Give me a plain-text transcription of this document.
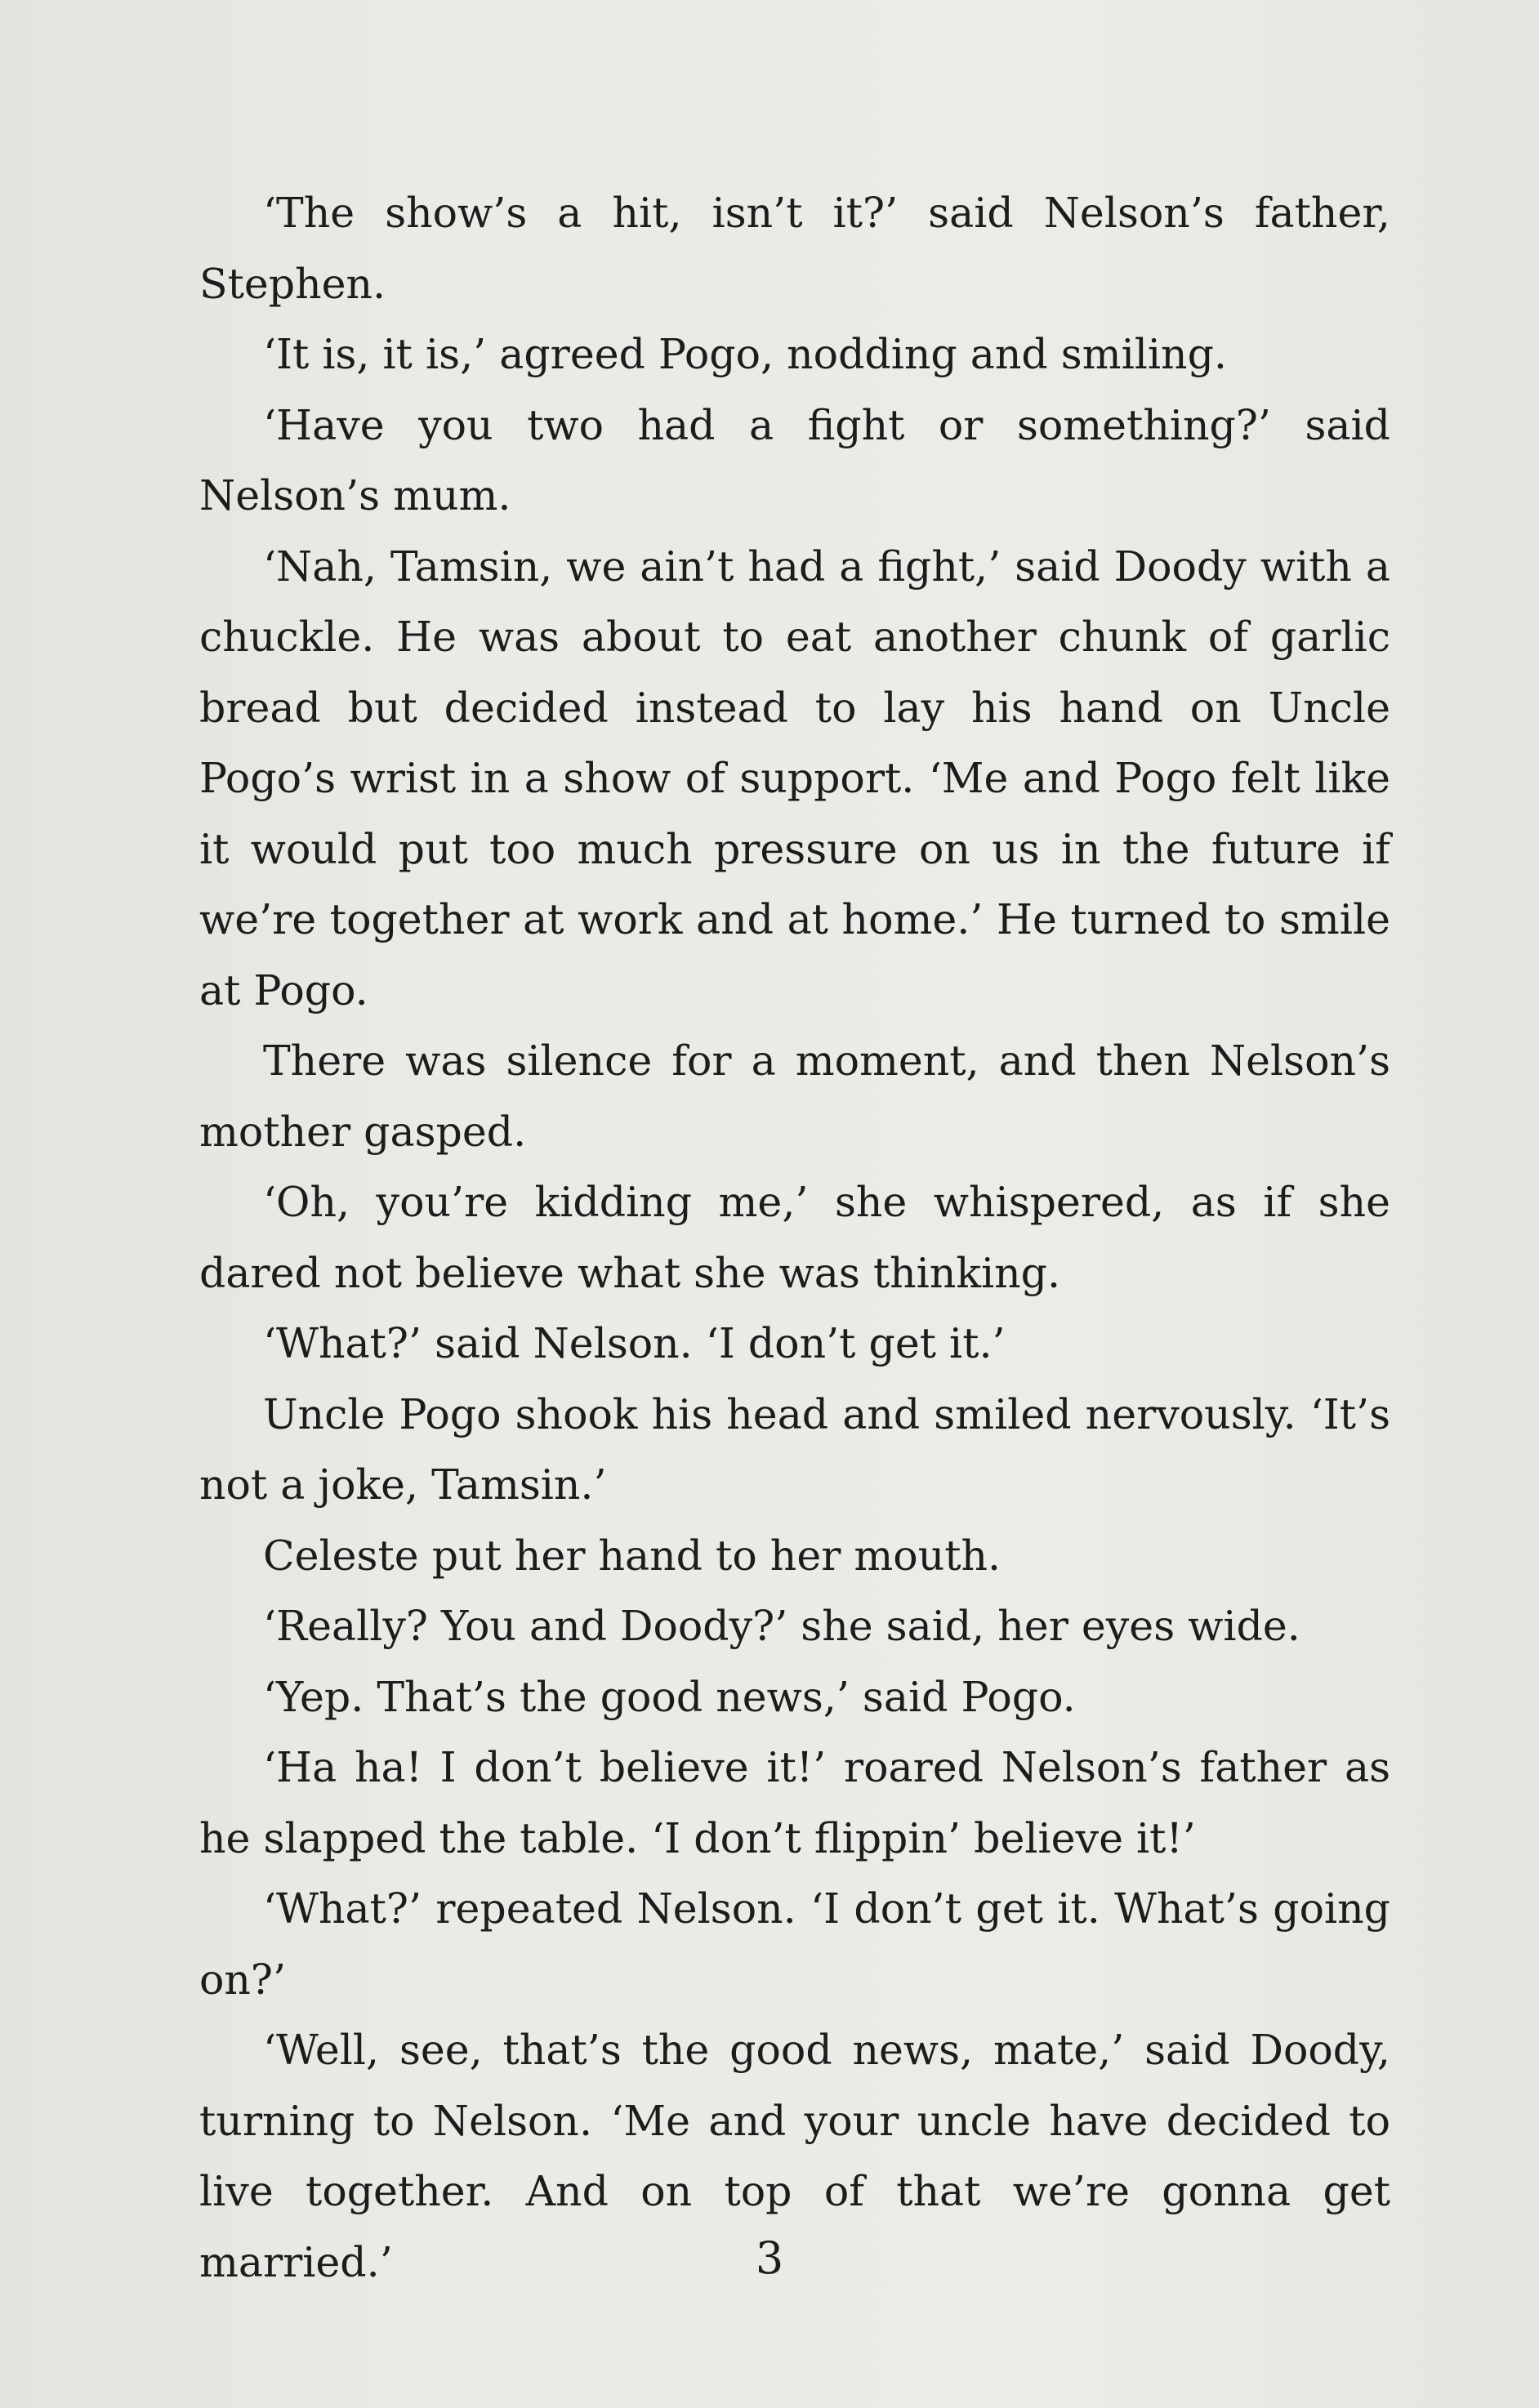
‘The show’s a hit, isn’t it?’ said Nelson’s father, Stephen.

‘It is, it is,’ agreed Pogo, nodding and smiling.

‘Have you two had a fight or something?’ said Nelson’s mum.

‘Nah, Tamsin, we ain’t had a fight,’ said Doody with a chuckle. He was about to eat another chunk of garlic bread but decided instead to lay his hand on Uncle Pogo’s wrist in a show of support. ‘Me and Pogo felt like it would put too much pressure on us in the future if we’re together at work and at home.’ He turned to smile at Pogo.

There was silence for a moment, and then Nelson’s mother gasped.

‘Oh, you’re kidding me,’ she whispered, as if she dared not believe what she was thinking.

‘What?’ said Nelson. ‘I don’t get it.’

Uncle Pogo shook his head and smiled nervously. ‘It’s not a joke, Tamsin.’

Celeste put her hand to her mouth.

‘Really? You and Doody?’ she said, her eyes wide.

‘Yep. That’s the good news,’ said Pogo.

‘Ha ha! I don’t believe it!’ roared Nelson’s father as he slapped the table. ‘I don’t flippin’ believe it!’

‘What?’ repeated Nelson. ‘I don’t get it. What’s going on?’

‘Well, see, that’s the good news, mate,’ said Doody, turning to Nelson. ‘Me and your uncle have decided to live together. And on top of that we’re gonna get married.’	3
